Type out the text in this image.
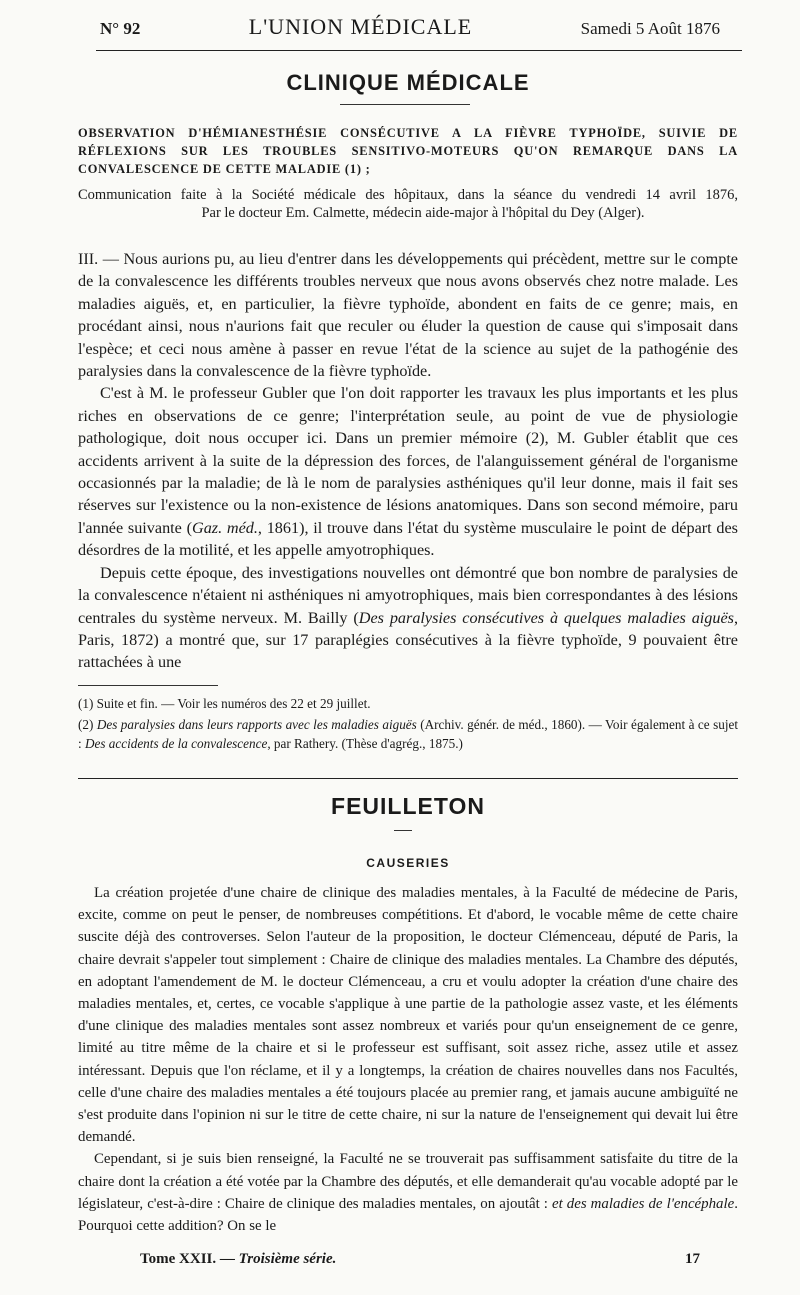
N° 92	L'UNION MÉDICALE	Samedi 5 Août 1876
CLINIQUE MÉDICALE
OBSERVATION D'HÉMIANESTHÉSIE CONSÉCUTIVE A LA FIÈVRE TYPHOÏDE, SUIVIE DE RÉFLEXIONS SUR LES TROUBLES SENSITIVO-MOTEURS QU'ON REMARQUE DANS LA CONVALESCENCE DE CETTE MALADIE (1) ;
Communication faite à la Société médicale des hôpitaux, dans la séance du vendredi 14 avril 1876,
Par le docteur Em. Calmette, médecin aide-major à l'hôpital du Dey (Alger).

III. — Nous aurions pu, au lieu d'entrer dans les développements qui précèdent, mettre sur le compte de la convalescence les différents troubles nerveux que nous avons observés chez notre malade. Les maladies aiguës, et, en particulier, la fièvre typhoïde, abondent en faits de ce genre; mais, en procédant ainsi, nous n'aurions fait que reculer ou éluder la question de cause qui s'imposait dans l'espèce; et ceci nous amène à passer en revue l'état de la science au sujet de la pathogénie des paralysies dans la convalescence de la fièvre typhoïde.

C'est à M. le professeur Gubler que l'on doit rapporter les travaux les plus importants et les plus riches en observations de ce genre; l'interprétation seule, au point de vue de physiologie pathologique, doit nous occuper ici. Dans un premier mémoire (2), M. Gubler établit que ces accidents arrivent à la suite de la dépression des forces, de l'alanguissement général de l'organisme occasionnés par la maladie; de là le nom de paralysies asthéniques qu'il leur donne, mais il fait ses réserves sur l'existence ou la non-existence de lésions anatomiques. Dans son second mémoire, paru l'année suivante (Gaz. méd., 1861), il trouve dans l'état du système musculaire le point de départ des désordres de la motilité, et les appelle amyotrophiques.

Depuis cette époque, des investigations nouvelles ont démontré que bon nombre de paralysies de la convalescence n'étaient ni asthéniques ni amyotrophiques, mais bien correspondantes à des lésions centrales du système nerveux. M. Bailly (Des paralysies consécutives à quelques maladies aiguës, Paris, 1872) a montré que, sur 17 paraplégies consécutives à la fièvre typhoïde, 9 pouvaient être rattachées à une

(1) Suite et fin. — Voir les numéros des 22 et 29 juillet.

(2) Des paralysies dans leurs rapports avec les maladies aiguës (Archiv. génér. de méd., 1860). — Voir également à ce sujet : Des accidents de la convalescence, par Rathery. (Thèse d'agrég., 1875.)

FEUILLETON
CAUSERIES

La création projetée d'une chaire de clinique des maladies mentales, à la Faculté de médecine de Paris, excite, comme on peut le penser, de nombreuses compétitions. Et d'abord, le vocable même de cette chaire suscite déjà des controverses. Selon l'auteur de la proposition, le docteur Clémenceau, député de Paris, la chaire devrait s'appeler tout simplement : Chaire de clinique des maladies mentales. La Chambre des députés, en adoptant l'amendement de M. le docteur Clémenceau, a cru et voulu adopter la création d'une chaire des maladies mentales, et, certes, ce vocable s'applique à une partie de la pathologie assez vaste, et les éléments d'une clinique des maladies mentales sont assez nombreux et variés pour qu'un enseignement de ce genre, limité au titre même de la chaire et si le professeur est suffisant, soit assez riche, assez utile et assez intéressant. Depuis que l'on réclame, et il y a longtemps, la création de chaires nouvelles dans nos Facultés, celle d'une chaire des maladies mentales a été toujours placée au premier rang, et jamais aucune ambiguïté ne s'est produite dans l'opinion ni sur le titre de cette chaire, ni sur la nature de l'enseignement qui devait lui être demandé.

Cependant, si je suis bien renseigné, la Faculté ne se trouverait pas suffisamment satisfaite du titre de la chaire dont la création a été votée par la Chambre des députés, et elle demanderait qu'au vocable adopté par le législateur, c'est-à-dire : Chaire de clinique des maladies mentales, on ajoutât : et des maladies de l'encéphale. Pourquoi cette addition? On se le

Tome XXII. — Troisième série.	17
